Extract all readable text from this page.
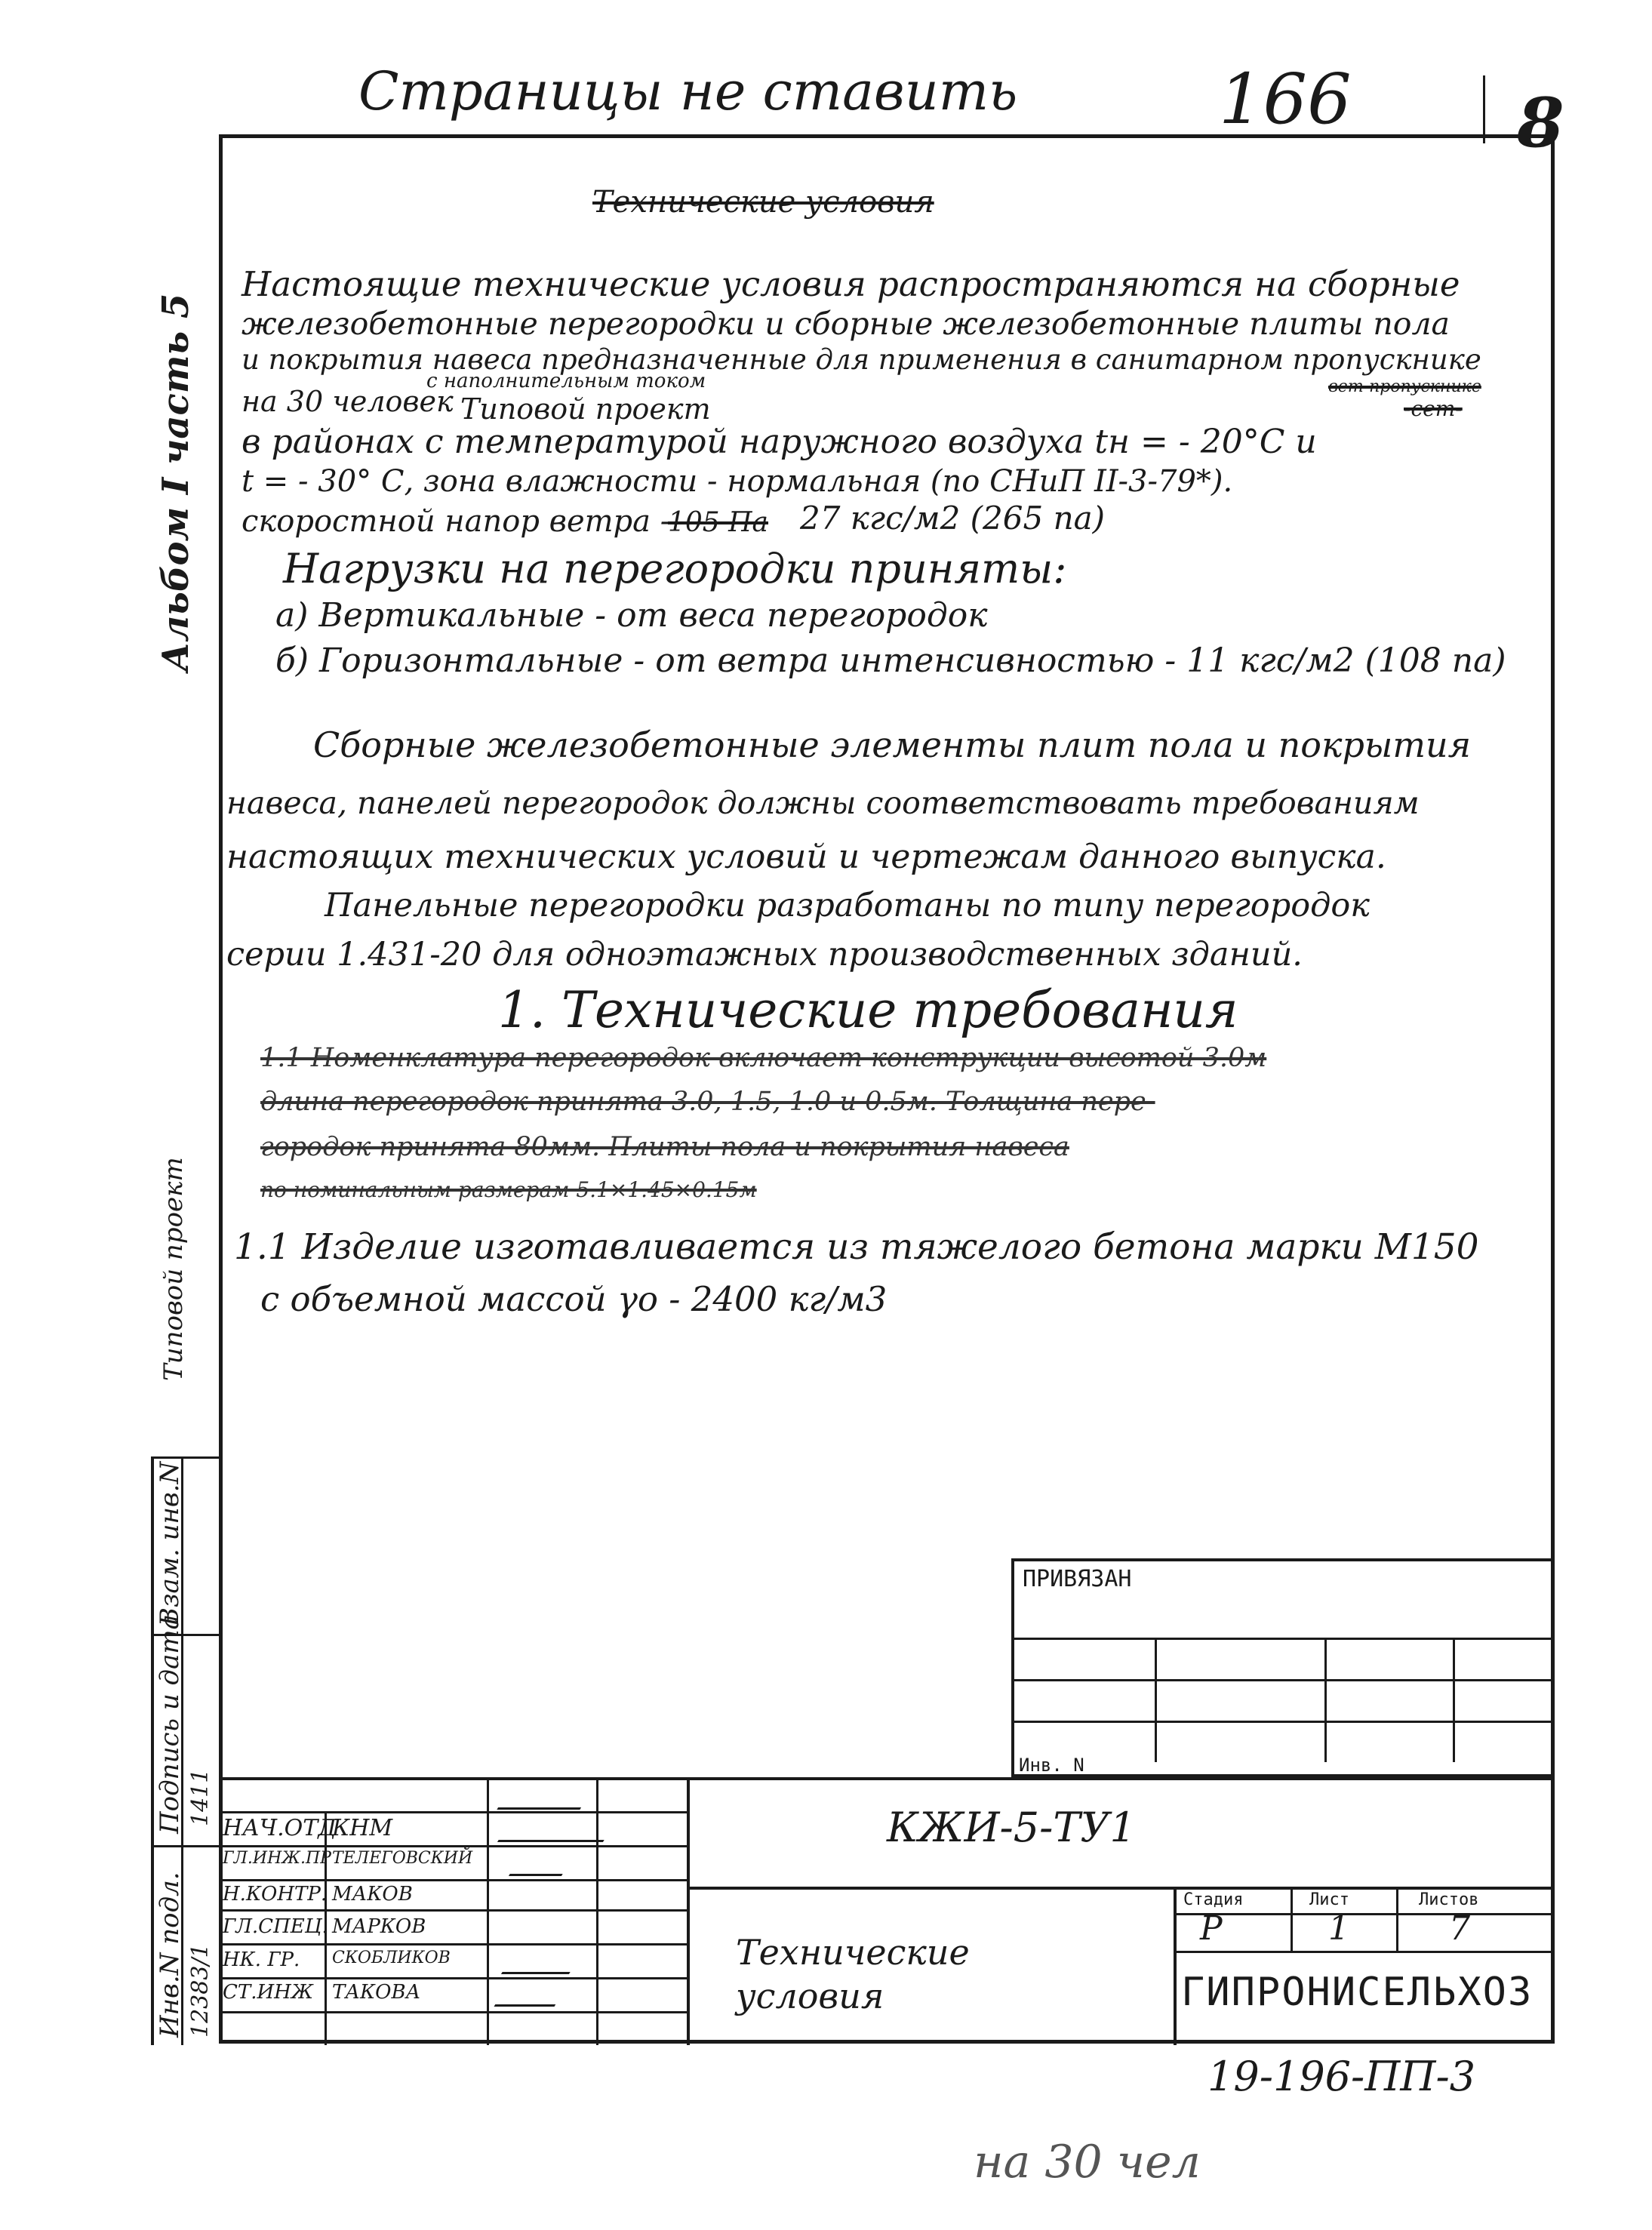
Страницы не ставить	166 8
Альбом I часть 5
Типовой проект
Взам. инв.N
Подпись и дата
Инв.N подл. 12383/1
1411
Технические условия
Настоящие технические условия распространяются на сборные
железобетонные перегородки и сборные железобетонные плиты пола
и покрытия навеса предназначенные для применения в санитарном пропускнике
вет-пропускнике
на 30 человек
с наполнительным током
Типовой проект	-сет-
в районах с температурой наружного воздуха tн = - 20°С и
t = - 30° С, зона влажности - нормальная (по СНиП II-3-79*).
скоростной напор ветра -
105 Па 27 кгс/м2 (265 па)
Нагрузки на перегородки приняты:
а) Вертикальные - от веса перегородок
б) Горизонтальные - от ветра интенсивностью - 11 кгс/м2 (108 па)
Сборные железобетонные элементы плит пола и покрытия
навеса, панелей перегородок должны соответствовать требованиям
настоящих технических условий и чертежам данного выпуска.
Панельные перегородки разработаны по типу перегородок
серии 1.431-20 для одноэтажных производственных зданий.
1. Технические требования
1.1 Номенклатура перегородок включает конструкции высотой 3.0м
длина перегородок принята 3.0, 1.5, 1.0 и 0.5м. Толщина пере-
городок принята 80мм. Плиты пола и покрытия навеса
по номинальным размерам 5.1×1.45×0.15м
1.1 Изделие изготавливается из тяжелого бетона марки М150
с объемной массой γо - 2400 кг/м3
ПРИВЯЗАН
Инв. N
КЖИ-5-ТУ1
Технические
условия
Стадия	Лист	Листов
Р	1	7
ГИПРОНИСЕЛЬХОЗ
НАЧ.ОТД
КНМ
ГЛ.ИНЖ.ПР ТЕЛЕГОВСКИЙ
Н.КОНТР. МАКОВ
ГЛ.СПЕЦ. МАРКОВ
НК. ГР. СКОБЛИКОВ
СТ.ИНЖ ТАКОВА
19-196-ПП-3
на 30 чел
